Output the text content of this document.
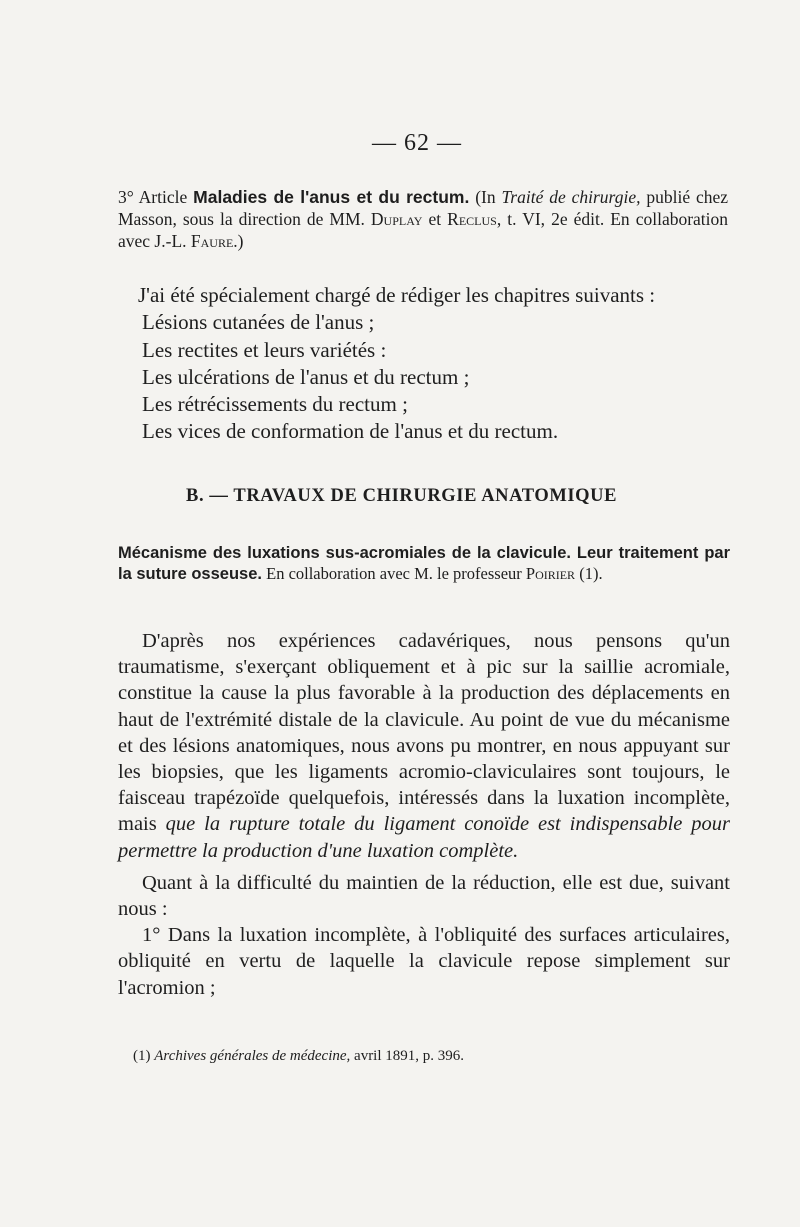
— 62 —
3° Article Maladies de l'anus et du rectum. (In Traité de chirurgie, publié chez Masson, sous la direction de MM. Duplay et Reclus, t. VI, 2e édit. En collaboration avec J.-L. Faure.)
J'ai été spécialement chargé de rédiger les chapitres suivants :
Lésions cutanées de l'anus ;
Les rectites et leurs variétés :
Les ulcérations de l'anus et du rectum ;
Les rétrécissements du rectum ;
Les vices de conformation de l'anus et du rectum.
B. — TRAVAUX DE CHIRURGIE ANATOMIQUE
Mécanisme des luxations sus-acromiales de la clavicule. Leur traitement par la suture osseuse. En collaboration avec M. le professeur Poirier (1).

D'après nos expériences cadavériques, nous pensons qu'un traumatisme, s'exerçant obliquement et à pic sur la saillie acromiale, constitue la cause la plus favorable à la production des déplacements en haut de l'extrémité distale de la clavicule. Au point de vue du mécanisme et des lésions anatomiques, nous avons pu montrer, en nous appuyant sur les biopsies, que les ligaments acromio-claviculaires sont toujours, le faisceau trapézoïde quelquefois, intéressés dans la luxation incomplète, mais que la rupture totale du ligament conoïde est indispensable pour permettre la production d'une luxation complète.

Quant à la difficulté du maintien de la réduction, elle est due, suivant nous :

1° Dans la luxation incomplète, à l'obliquité des surfaces articulaires, obliquité en vertu de laquelle la clavicule repose simplement sur l'acromion ;

(1) Archives générales de médecine, avril 1891, p. 396.
